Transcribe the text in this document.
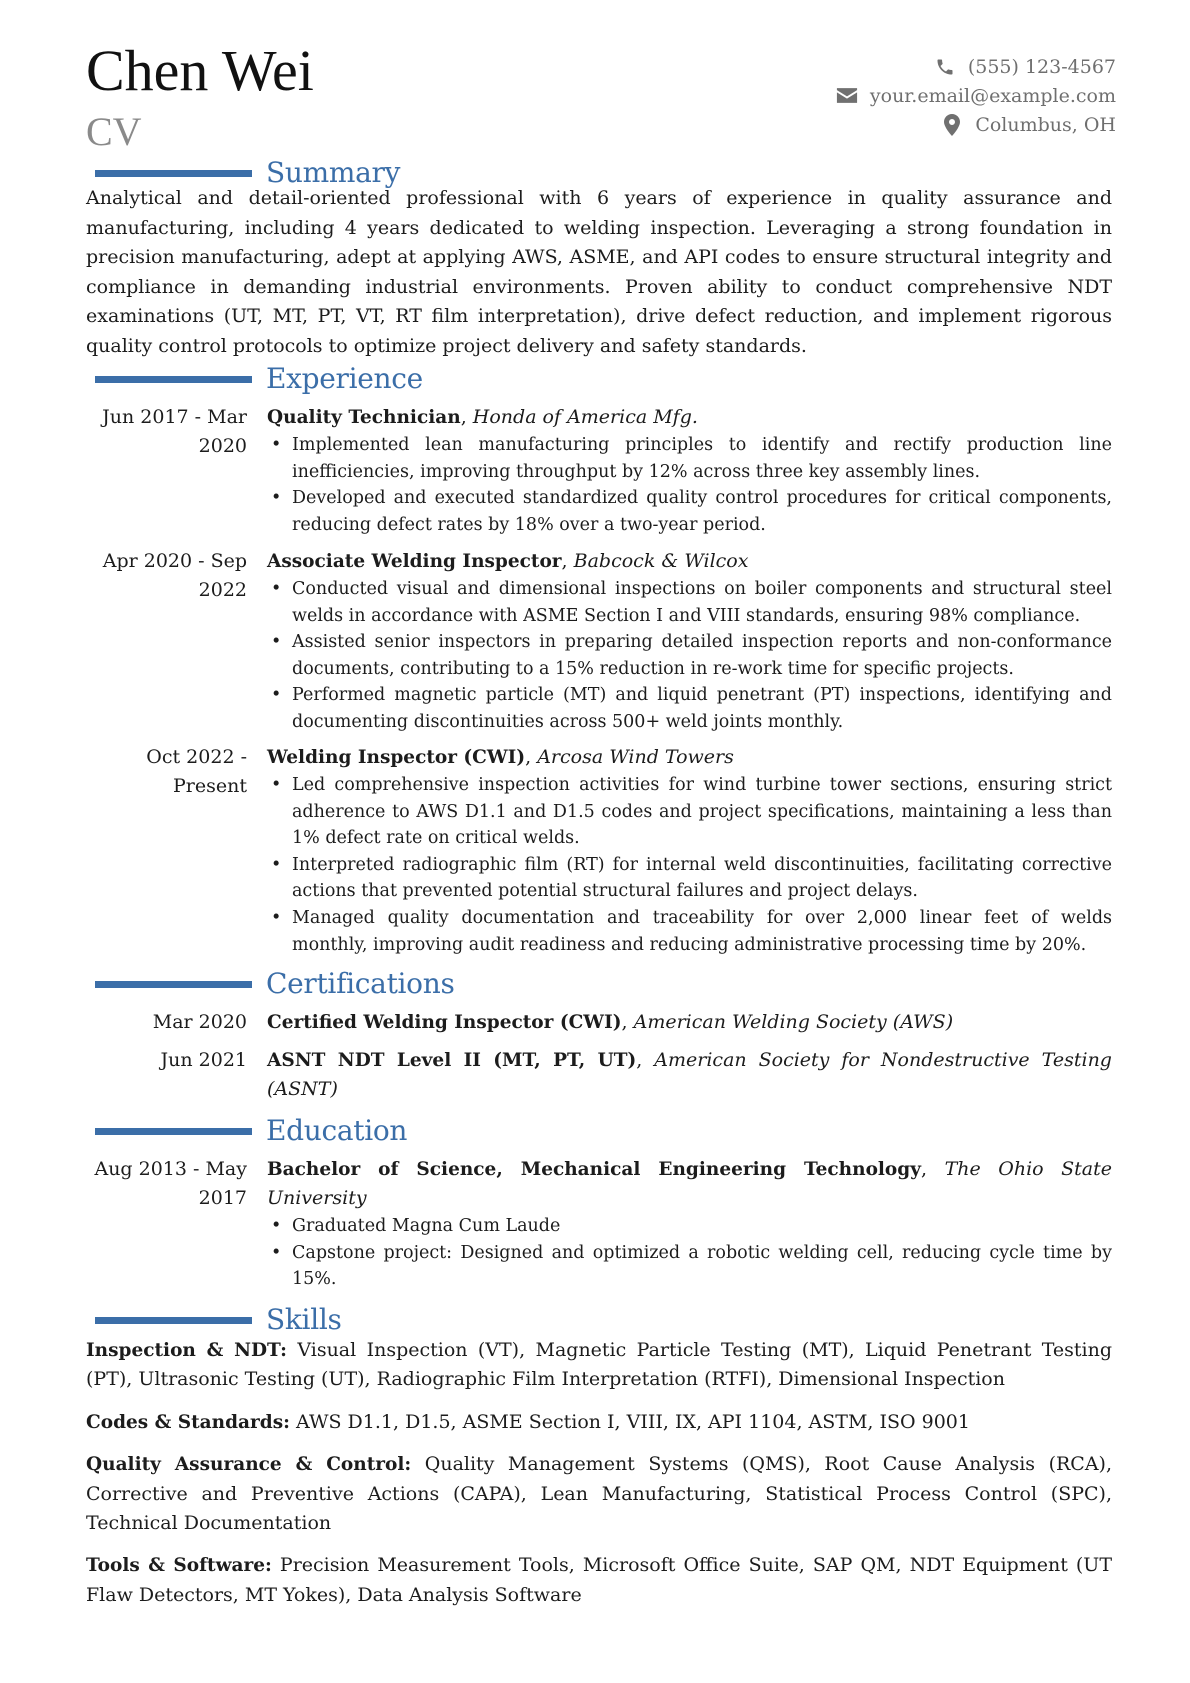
Chen Wei
CV
(555) 123-4567
your.email@example.com
Columbus, OH
Summary

Analytical and detail-oriented professional with 6 years of experience in quality assurance and manufacturing, including 4 years dedicated to welding inspection. Leveraging a strong foundation in precision manufacturing, adept at applying AWS, ASME, and API codes to ensure structural integrity and compliance in demanding industrial environments. Proven ability to conduct comprehensive NDT examinations (UT, MT, PT, VT, RT film interpretation), drive defect reduction, and implement rigorous quality control protocols to optimize project delivery and safety standards.

Experience
Jun 2017 - Mar 2020
Quality Technician, Honda of America Mfg.
• Implemented lean manufacturing principles to identify and rectify production line inefficiencies, improving throughput by 12% across three key assembly lines.
• Developed and executed standardized quality control procedures for critical components, reducing defect rates by 18% over a two-year period.
Apr 2020 - Sep 2022
Associate Welding Inspector, Babcock & Wilcox
• Conducted visual and dimensional inspections on boiler components and structural steel welds in accordance with ASME Section I and VIII standards, ensuring 98% compliance.
• Assisted senior inspectors in preparing detailed inspection reports and non-conformance documents, contributing to a 15% reduction in re-work time for specific projects.
• Performed magnetic particle (MT) and liquid penetrant (PT) inspections, identifying and documenting discontinuities across 500+ weld joints monthly.
Oct 2022 - Present
Welding Inspector (CWI), Arcosa Wind Towers
• Led comprehensive inspection activities for wind turbine tower sections, ensuring strict adherence to AWS D1.1 and D1.5 codes and project specifications, maintaining a less than 1% defect rate on critical welds.
• Interpreted radiographic film (RT) for internal weld discontinuities, facilitating corrective actions that prevented potential structural failures and project delays.
• Managed quality documentation and traceability for over 2,000 linear feet of welds monthly, improving audit readiness and reducing administrative processing time by 20%.
Certifications
Mar 2020 Certified Welding Inspector (CWI), American Welding Society (AWS)
Jun 2021 ASNT NDT Level II (MT, PT, UT), American Society for Nondestructive Testing (ASNT)
Education
Aug 2013 - May 2017
Bachelor of Science, Mechanical Engineering Technology, The Ohio State University
• Graduated Magna Cum Laude
• Capstone project: Designed and optimized a robotic welding cell, reducing cycle time by 15%.
Skills

Inspection & NDT: Visual Inspection (VT), Magnetic Particle Testing (MT), Liquid Penetrant Testing (PT), Ultrasonic Testing (UT), Radiographic Film Interpretation (RTFI), Dimensional Inspection

Codes & Standards: AWS D1.1, D1.5, ASME Section I, VIII, IX, API 1104, ASTM, ISO 9001

Quality Assurance & Control: Quality Management Systems (QMS), Root Cause Analysis (RCA), Corrective and Preventive Actions (CAPA), Lean Manufacturing, Statistical Process Control (SPC), Technical Documentation

Tools & Software: Precision Measurement Tools, Microsoft Office Suite, SAP QM, NDT Equipment (UT Flaw Detectors, MT Yokes), Data Analysis Software
